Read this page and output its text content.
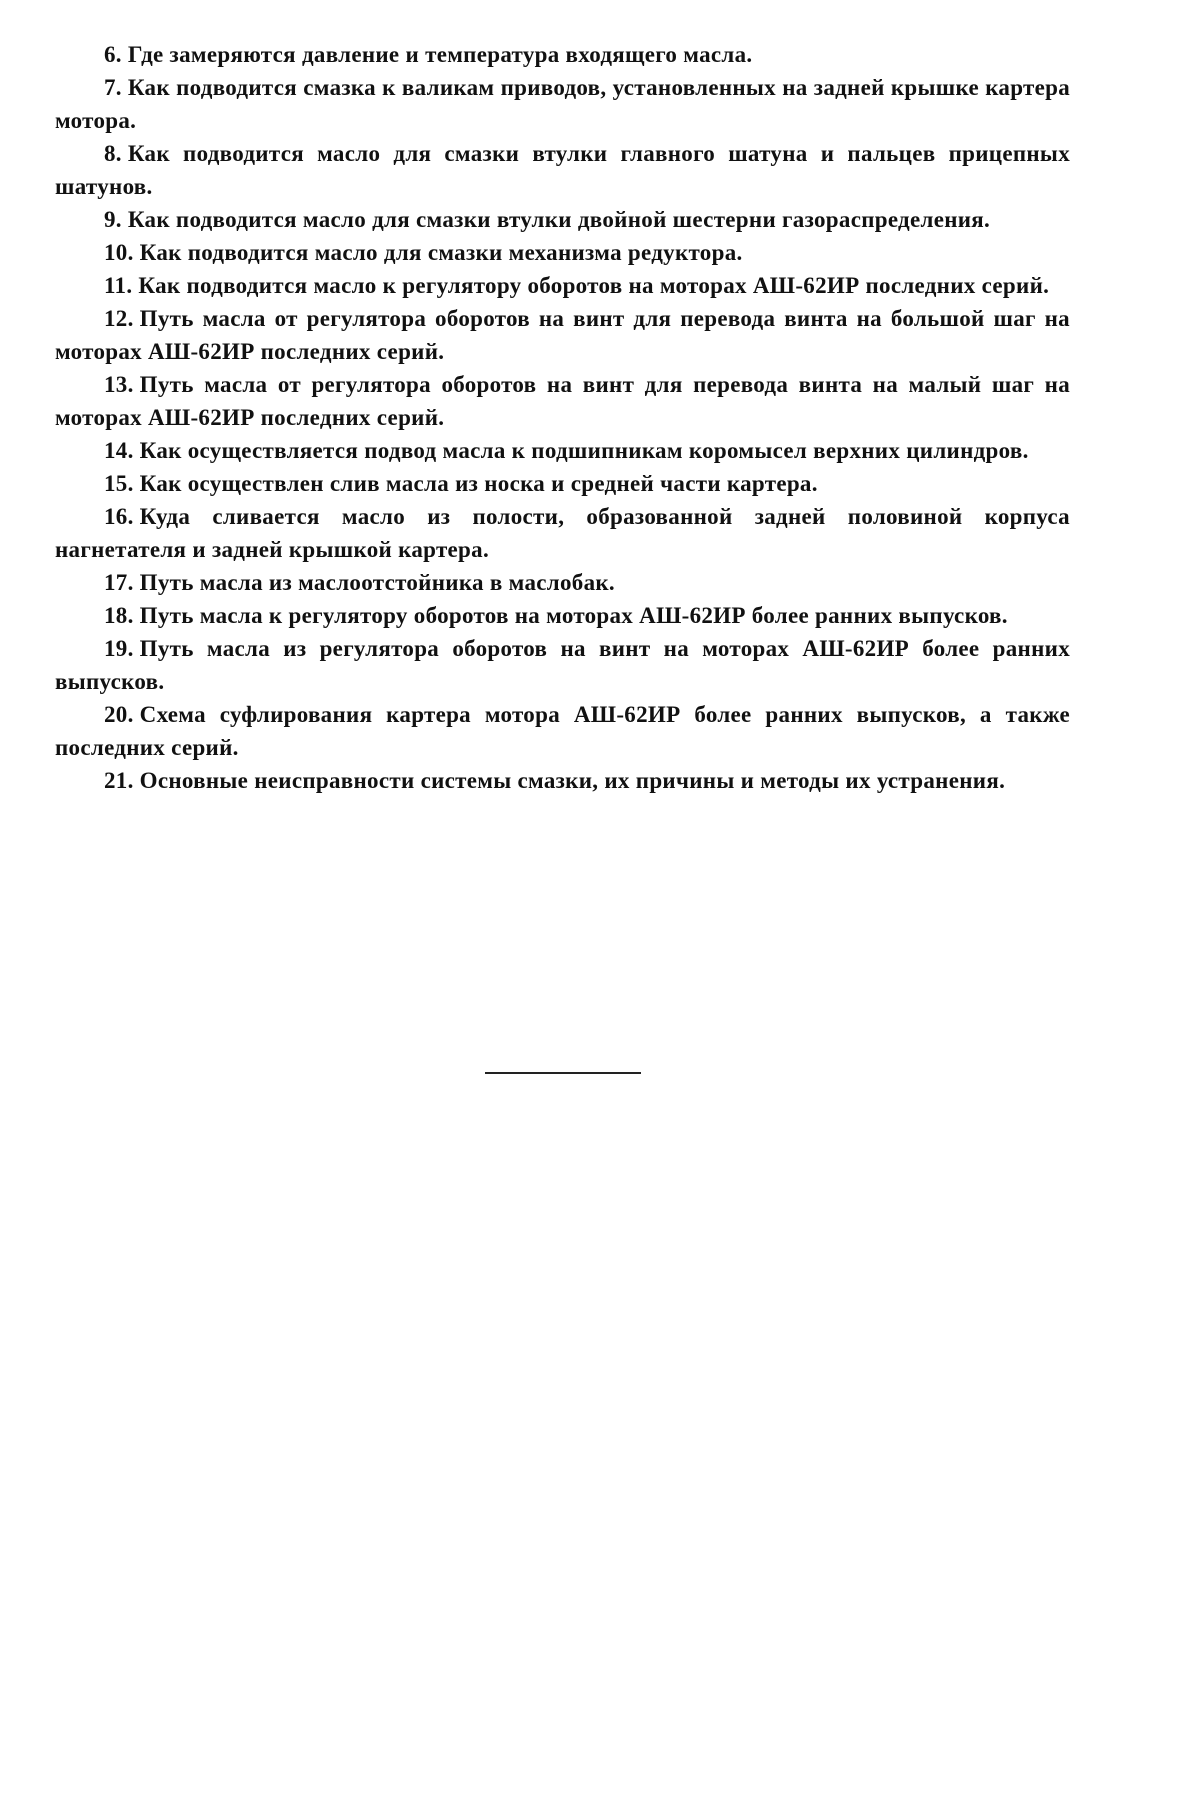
6. Где замеряются давление и температура входящего масла.

7. Как подводится смазка к валикам приводов, установленных на задней крышке картера мотора.

8. Как подводится масло для смазки втулки главного шатуна и пальцев прицепных шатунов.

9. Как подводится масло для смазки втулки двойной шестерни газораспределения.

10. Как подводится масло для смазки механизма редуктора.

11. Как подводится масло к регулятору оборотов на моторах АШ-62ИР последних серий.

12. Путь масла от регулятора оборотов на винт для перевода винта на большой шаг на моторах АШ-62ИР последних серий.

13. Путь масла от регулятора оборотов на винт для перевода винта на малый шаг на моторах АШ-62ИР последних серий.

14. Как осуществляется подвод масла к подшипникам коромысел верхних цилиндров.

15. Как осуществлен слив масла из носка и средней части картера.

16. Куда сливается масло из полости, образованной задней половиной корпуса нагнетателя и задней крышкой картера.

17. Путь масла из маслоотстойника в маслобак.

18. Путь масла к регулятору оборотов на моторах АШ-62ИР более ранних выпусков.

19. Путь масла из регулятора оборотов на винт на моторах АШ-62ИР более ранних выпусков.

20. Схема суфлирования картера мотора АШ-62ИР более ранних выпусков, а также последних серий.

21. Основные неисправности системы смазки, их причины и методы их устранения.
